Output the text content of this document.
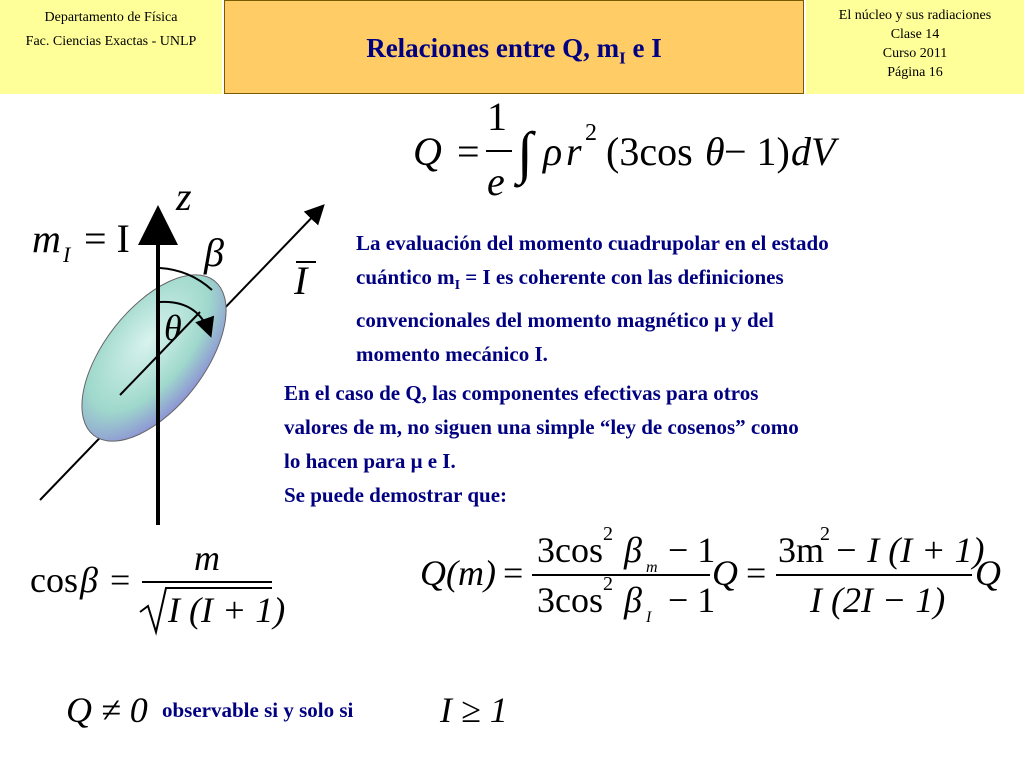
Departamento de Física
Fac. Ciencias Exactas - UNLP	Relaciones entre Q, $m_I$ e I
El núcleo y sus radiaciones
Clase 14
Curso 2011
Página 16
Q =
1
e ∫ ρ r 2 (3cos θ − 1) dV
z
β
θ
I
m I = I
cos β =
m
I (I + 1)
Q(m) =
3cos 2 β m − 1
3cos 2 β I − 1
Q =
3m
2 − I (I + 1)
I (2I − 1)
Q
Q ≠ 0	I ≥ 1
La evaluación del momento cuadrupolar en el estado
cuántico $m_I = I$ es coherente con las definiciones
convencionales del momento magnético μ y del
momento mecánico I.
En el caso de Q, las componentes efectivas para otros
valores de m, no siguen una simple “ley de cosenos” como
lo hacen para μ e I.
Se puede demostrar que:
observable si y solo si
